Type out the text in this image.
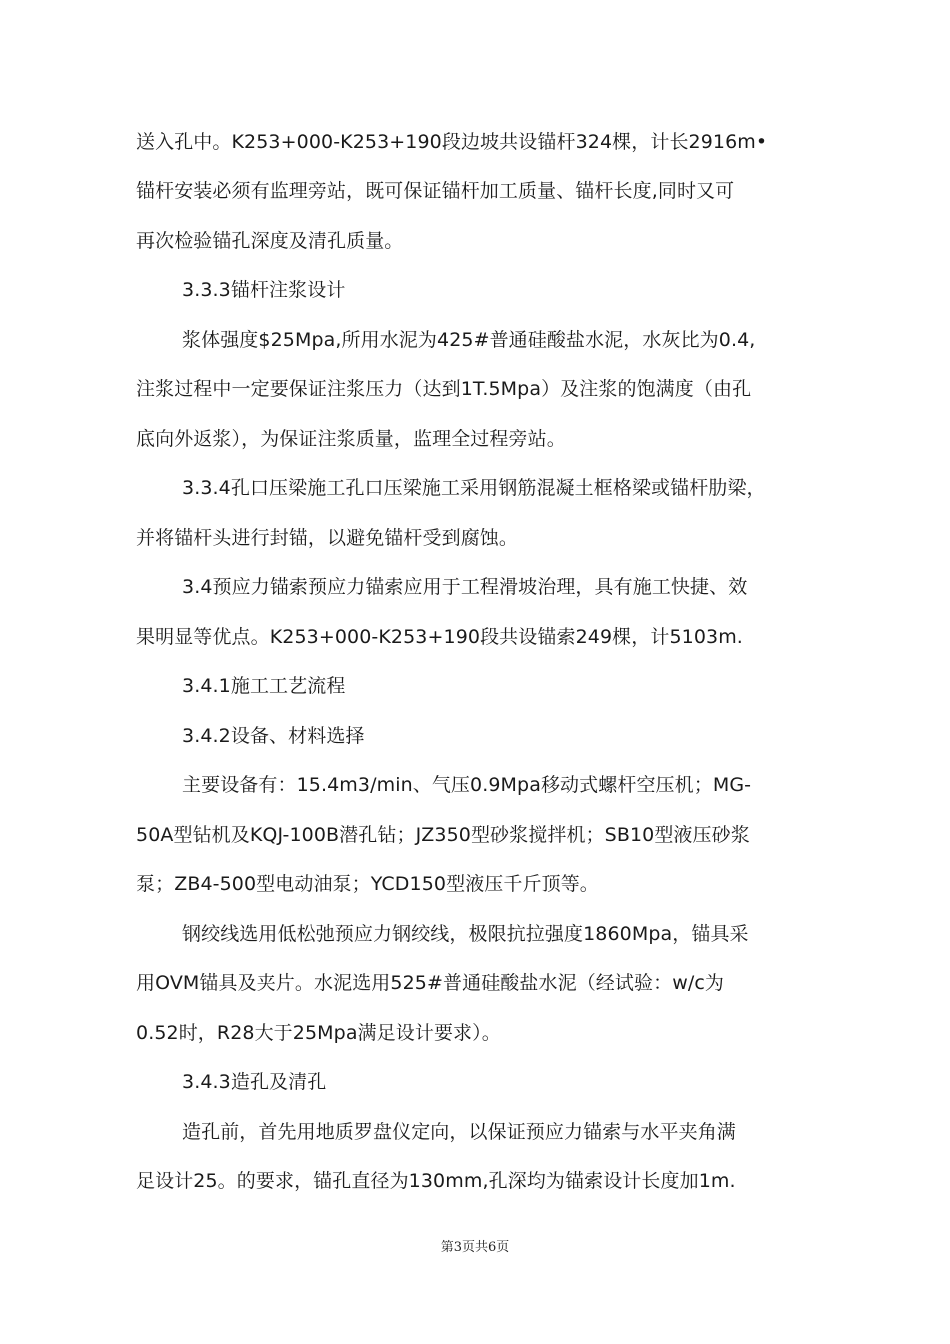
送入孔中。K253+000-K253+190段边坡共设锚杆324棵，计长2916m•
锚杆安装必须有监理旁站，既可保证锚杆加工质量、锚杆长度,同时又可
再次检验锚孔深度及清孔质量。
3.3.3锚杆注浆设计
浆体强度$25Mpa,所用水泥为425#普通硅酸盐水泥，水灰比为0.4,
注浆过程中一定要保证注浆压力（达到1T.5Mpa）及注浆的饱满度（由孔
底向外返浆），为保证注浆质量，监理全过程旁站。
3.3.4孔口压梁施工孔口压梁施工采用钢筋混凝土框格梁或锚杆肋梁，
并将锚杆头进行封锚，以避免锚杆受到腐蚀。
3.4预应力锚索预应力锚索应用于工程滑坡治理，具有施工快捷、效
果明显等优点。K253+000-K253+190段共设锚索249棵，计5103m.
3.4.1施工工艺流程
3.4.2设备、材料选择
主要设备有：15.4m3/min、气压0.9Mpa移动式螺杆空压机；MG-
50A型钻机及KQJ-100B潜孔钻；JZ350型砂浆搅拌机；SB10型液压砂浆
泵；ZB4-500型电动油泵；YCD150型液压千斤顶等。
钢绞线选用低松弛预应力钢绞线，极限抗拉强度1860Mpa，锚具采
用OVM锚具及夹片。水泥选用525#普通硅酸盐水泥（经试验：w/c为
0.52时，R28大于25Mpa满足设计要求）。
3.4.3造孔及清孔
造孔前，首先用地质罗盘仪定向，以保证预应力锚索与水平夹角满
足设计25。的要求，锚孔直径为130mm,孔深均为锚索设计长度加1m.
第3页共6页
